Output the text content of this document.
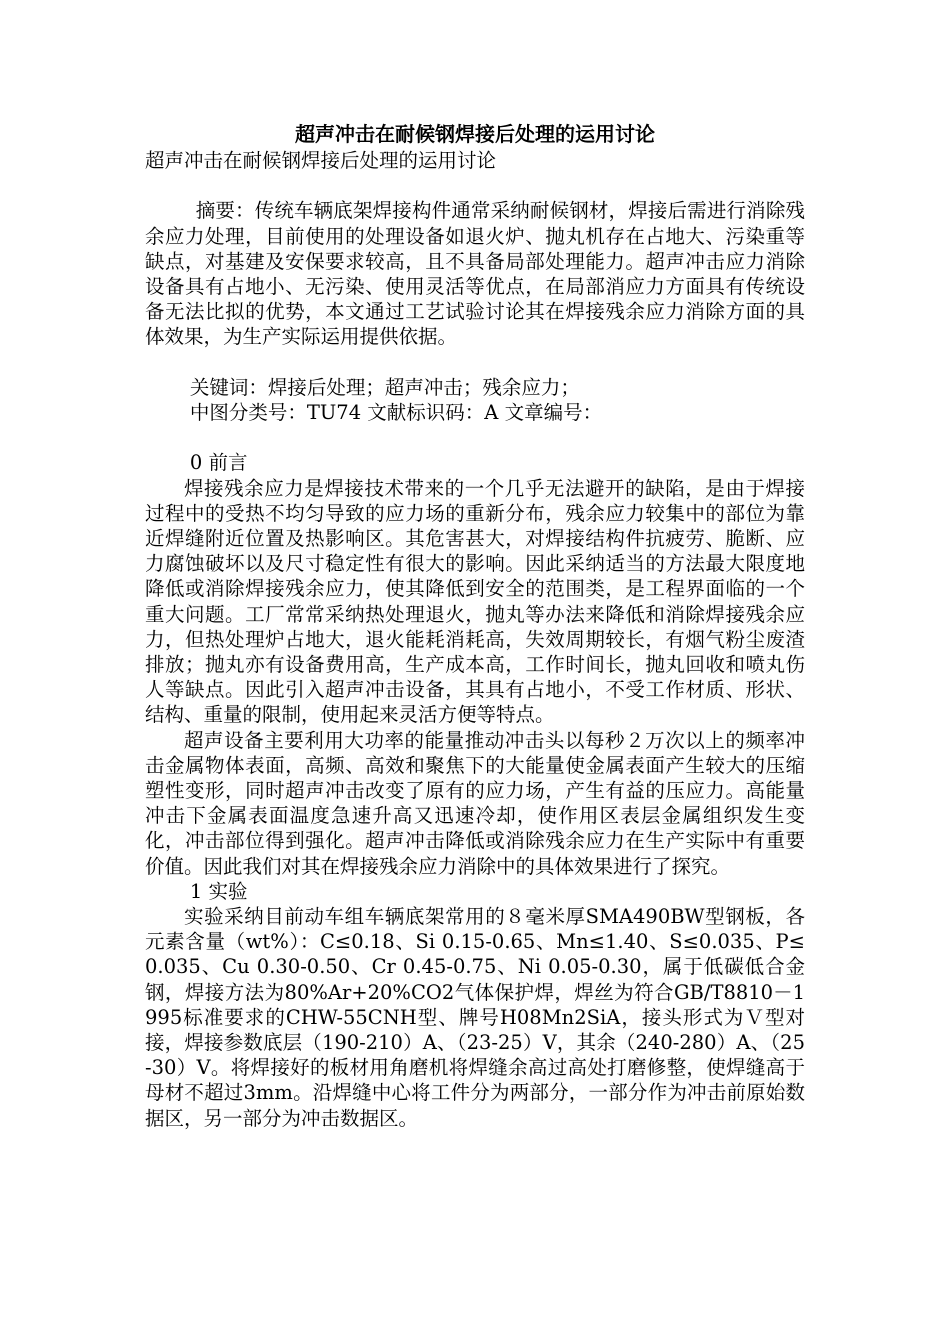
超声冲击在耐候钢焊接后处理的运用讨论

超声冲击在耐候钢焊接后处理的运用讨论

摘要：传统车辆底架焊接构件通常采纳耐候钢材，焊接后需进行消除残余应力处理，目前使用的处理设备如退火炉、抛丸机存在占地大、污染重等缺点，对基建及安保要求较高，且不具备局部处理能力。超声冲击应力消除设备具有占地小、无污染、使用灵活等优点，在局部消应力方面具有传统设备无法比拟的优势，本文通过工艺试验讨论其在焊接残余应力消除方面的具体效果，为生产实际运用提供依据。

关键词：焊接后处理；超声冲击；残余应力；

中图分类号：TU74 文献标识码：A 文章编号：

0 前言

焊接残余应力是焊接技术带来的一个几乎无法避开的缺陷，是由于焊接过程中的受热不均匀导致的应力场的重新分布，残余应力较集中的部位为靠近焊缝附近位置及热影响区。其危害甚大，对焊接结构件抗疲劳、脆断、应力腐蚀破坏以及尺寸稳定性有很大的影响。因此采纳适当的方法最大限度地降低或消除焊接残余应力，使其降低到安全的范围类，是工程界面临的一个重大问题。工厂常常采纳热处理退火，抛丸等办法来降低和消除焊接残余应力，但热处理炉占地大，退火能耗消耗高，失效周期较长，有烟气粉尘废渣排放；抛丸亦有设备费用高，生产成本高，工作时间长，抛丸回收和喷丸伤人等缺点。因此引入超声冲击设备，其具有占地小，不受工作材质、形状、结构、重量的限制，使用起来灵活方便等特点。

超声设备主要利用大功率的能量推动冲击头以每秒２万次以上的频率冲击金属物体表面，高频、高效和聚焦下的大能量使金属表面产生较大的压缩塑性变形，同时超声冲击改变了原有的应力场，产生有益的压应力。高能量冲击下金属表面温度急速升高又迅速冷却，使作用区表层金属组织发生变化，冲击部位得到强化。超声冲击降低或消除残余应力在生产实际中有重要价值。因此我们对其在焊接残余应力消除中的具体效果进行了探究。

1 实验

实验采纳目前动车组车辆底架常用的８毫米厚SMA490BW型钢板，各元素含量（wt%）：C≤0.18、Si 0.15-0.65、Mn≤1.40、S≤0.035、P≤0.035、Cu 0.30-0.50、Cr 0.45-0.75、Ni 0.05-0.30，属于低碳低合金钢，焊接方法为80%Ar+20%CO2气体保护焊，焊丝为符合GB/T8810－1995标准要求的CHW-55CNH型、牌号H08Mn2SiA，接头形式为Ｖ型对接，焊接参数底层（190-210）A、（23-25）V，其余（240-280）A、（25-30）V。将焊接好的板材用角磨机将焊缝余高过高处打磨修整，使焊缝高于母材不超过3mm。沿焊缝中心将工件分为两部分，一部分作为冲击前原始数据区，另一部分为冲击数据区。
